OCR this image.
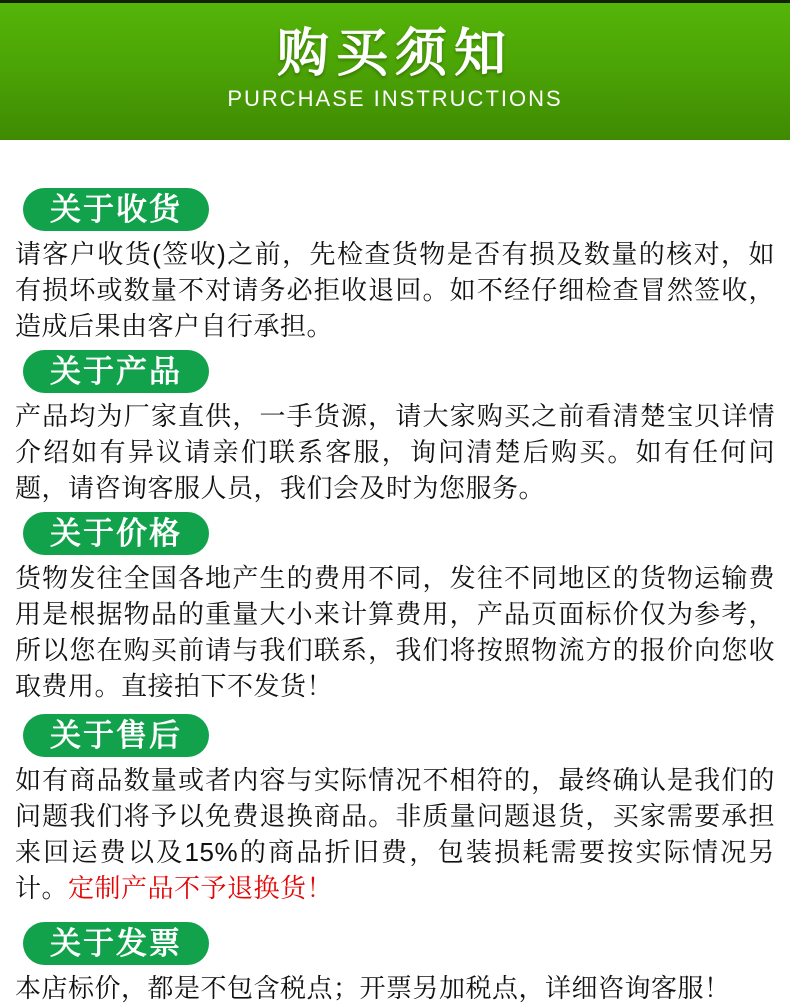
购买须知
PURCHASE INSTRUCTIONS
关于收货
请客户收货(签收)之前，先检查货物是否有损及数量的核对，如有损坏或数量不对请务必拒收退回。如不经仔细检查冒然签收，造成后果由客户自行承担。
关于产品
产品均为厂家直供，一手货源，请大家购买之前看清楚宝贝详情介绍如有异议请亲们联系客服，询问清楚后购买。如有任何问题，请咨询客服人员，我们会及时为您服务。
关于价格
货物发往全国各地产生的费用不同，发往不同地区的货物运输费用是根据物品的重量大小来计算费用，产品页面标价仅为参考，所以您在购买前请与我们联系，我们将按照物流方的报价向您收取费用。直接拍下不发货！
关于售后
如有商品数量或者内容与实际情况不相符的，最终确认是我们的问题我们将予以免费退换商品。非质量问题退货，买家需要承担来回运费以及15%的商品折旧费，包装损耗需要按实际情况另计。定制产品不予退换货！
关于发票
本店标价，都是不包含税点；开票另加税点，详细咨询客服！
